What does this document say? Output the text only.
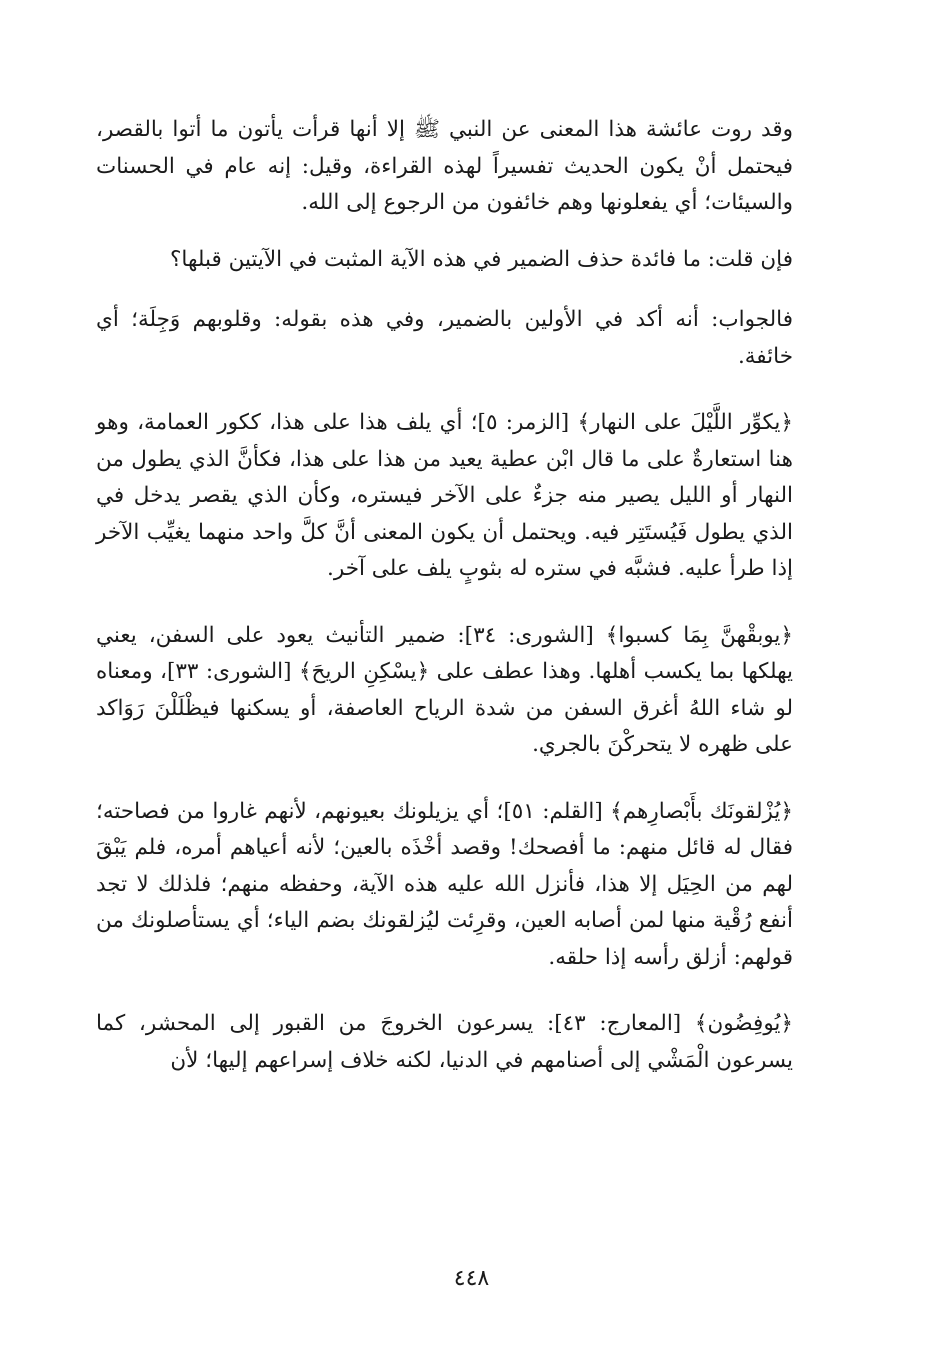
وقد روت عائشة هذا المعنى عن النبي ﷺ إلا أنها قرأت يأتون ما أتوا بالقصر، فيحتمل أنْ يكون الحديث تفسيراً لهذه القراءة، وقيل: إنه عام في الحسنات والسيئات؛ أي يفعلونها وهم خائفون من الرجوع إلى الله.

فإن قلت: ما فائدة حذف الضمير في هذه الآية المثبت في الآيتين قبلها؟

فالجواب: أنه أكد في الأولين بالضمير، وفي هذه بقوله: وقلوبهم وَجِلَة؛ أي خائفة.

﴿يكوِّر اللَّيْلَ على النهار﴾ [الزمر: ٥]؛ أي يلف هذا على هذا، ككور العمامة، وهو هنا استعارةٌ على ما قال ابْن عطية يعيد من هذا على هذا، فكأنَّ الذي يطول من النهار أو الليل يصير منه جزءٌ على الآخر فيستره، وكأن الذي يقصر يدخل في الذي يطول فَيُستَتِر فيه. ويحتمل أن يكون المعنى أنَّ كلَّ واحد منهما يغيِّب الآخر إذا طرأ عليه. فشبَّه في ستره له بثوبٍ يلف على آخر.

﴿يوبقْهنَّ بِمَا كسبوا﴾ [الشورى: ٣٤]: ضمير التأنيث يعود على السفن، يعني يهلكها بما يكسب أهلها. وهذا عطف على ﴿يسْكِنِ الريحَ﴾ [الشورى: ٣٣]، ومعناه لو شاء اللهُ أغرق السفن من شدة الرياح العاصفة، أو يسكنها فيظْلَلْنَ رَوَاكد على ظهره لا يتحركْنَ بالجري.

﴿يُزْلقونَك بأَبْصارِهم﴾ [القلم: ٥١]؛ أي يزيلونك بعيونهم، لأنهم غاروا من فصاحته؛ فقال له قائل منهم: ما أفصحك! وقصد أخْذَه بالعين؛ لأنه أعياهم أمره، فلم يَبْقَ لهم من الحِيَل إلا هذا، فأنزل الله عليه هذه الآية، وحفظه منهم؛ فلذلك لا تجد أنفع رُقْية منها لمن أصابه العين، وقرِئت ليُزلقونك بضم الياء؛ أي يستأصلونك من قولهم: أزلق رأسه إذا حلقه.

﴿يُوفِضُون﴾ [المعارج: ٤٣]: يسرعون الخروجَ من القبور إلى المحشر، كما يسرعون الْمَشْي إلى أصنامهم في الدنيا، لكنه خلاف إسراعهم إليها؛ لأن

٤٤٨
